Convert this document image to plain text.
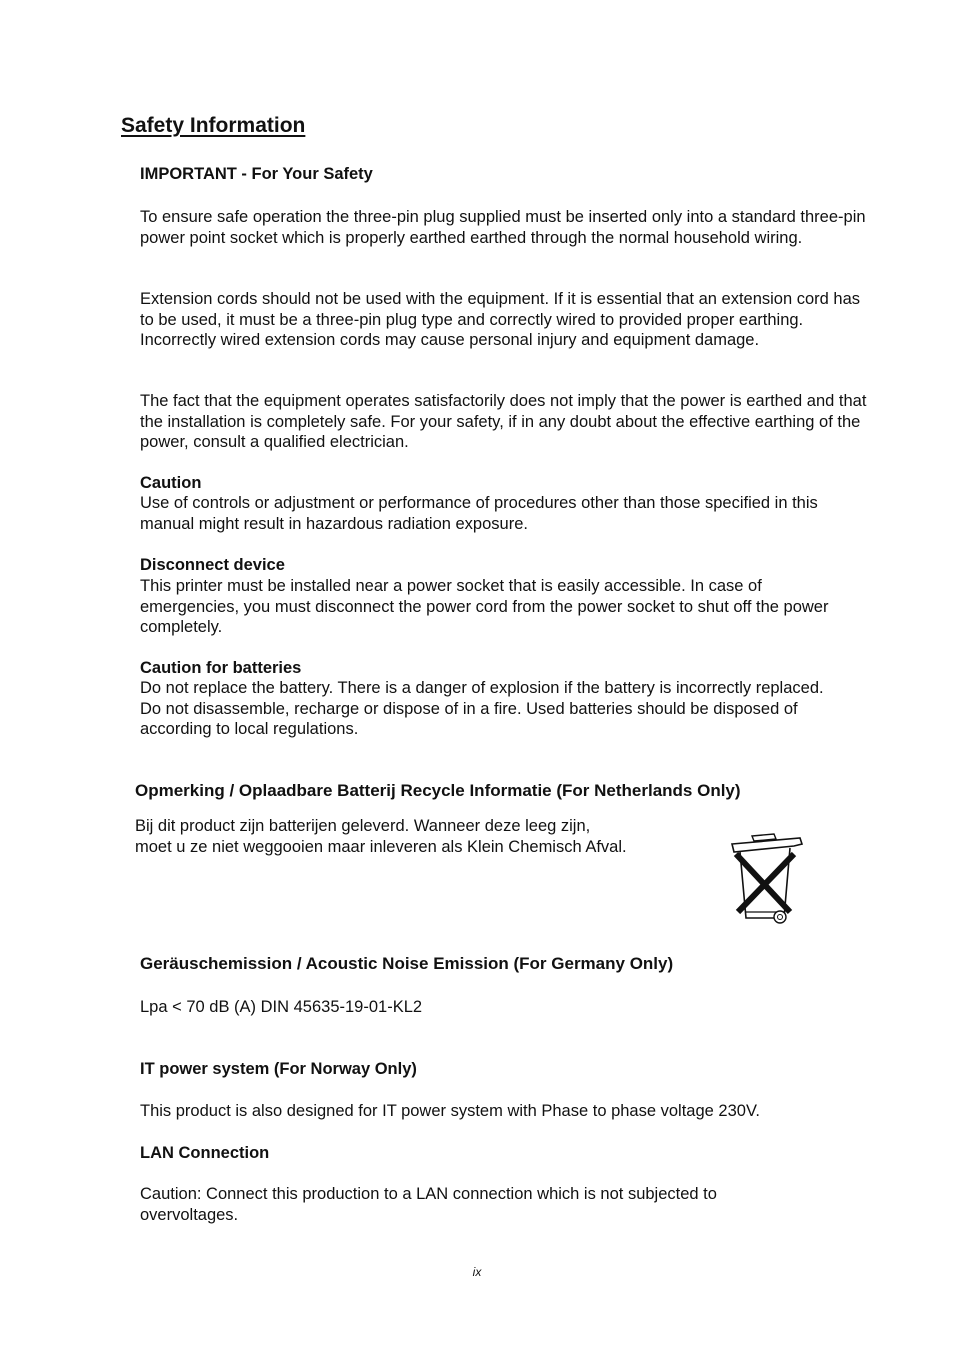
Safety Information
IMPORTANT - For Your Safety
To ensure safe operation the three-pin plug supplied must be inserted only into a standard three-pin power point socket which is properly earthed earthed through the normal household wiring.
Extension cords should not be used with the equipment. If it is essential that an extension cord has to be used, it must be a three-pin plug type and correctly wired to provided proper earthing. Incorrectly wired extension cords may cause personal injury and equipment damage.
The fact that the equipment operates satisfactorily does not imply that the power is earthed and that the installation is completely safe. For your safety, if in any doubt about the effective earthing of the power, consult a qualified electrician.
Caution
Use of controls or adjustment or performance of procedures other than those specified in this manual might result in hazardous radiation exposure.
Disconnect device
This printer must be installed near a power socket that is easily accessible. In case of emergencies, you must disconnect the power cord from the power socket to shut off the power completely.
Caution for batteries
Do not replace the battery. There is a danger of explosion if the battery is incorrectly replaced. Do not disassemble, recharge or dispose of in a fire. Used batteries should be disposed of according to local regulations.
Opmerking / Oplaadbare Batterij Recycle Informatie (For Netherlands Only)
Bij dit product zijn batterijen geleverd. Wanneer deze leeg zijn,
moet u ze niet weggooien maar inleveren als Klein Chemisch Afval.
Geräuschemission / Acoustic Noise Emission (For Germany Only)
Lpa < 70 dB (A) DIN 45635-19-01-KL2
IT power system (For Norway Only)
This product is also designed for IT power system with Phase to phase voltage 230V.
LAN Connection
Caution: Connect this production to a LAN connection which is not subjected to overvoltages.
ix
